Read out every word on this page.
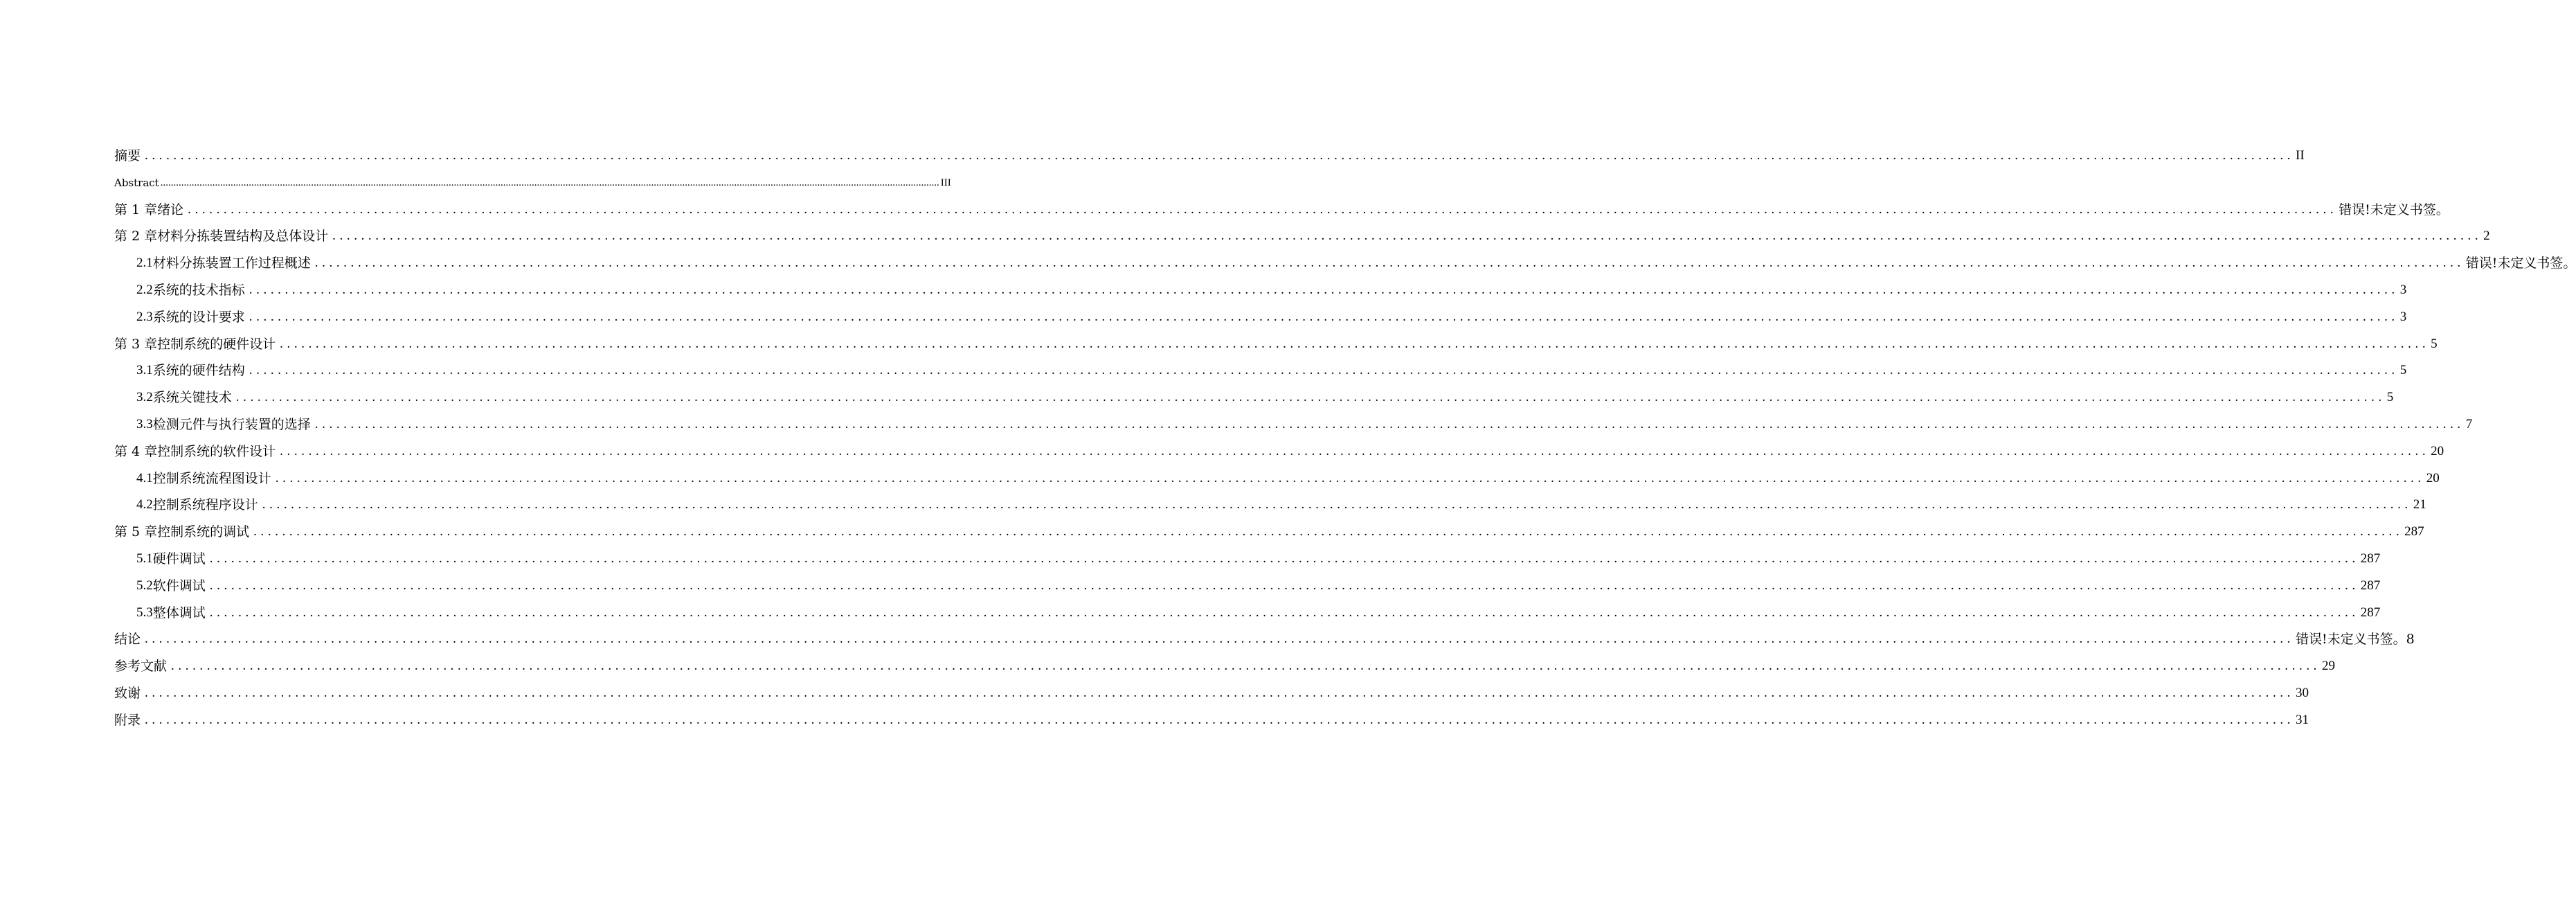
摘要 ............................................................................................................................................................................................................................................................................................................ II
Abstract ............................................................................................................................................................................................................................................................................................................ III
第 1 章绪论 ............................................................................................................................................................................................................................................................................................................ 错误!未定义书签。
第 2 章材料分拣装置结构及总体设计 ............................................................................................................................................................................................................................................................................................................ 2
2.1 材料分拣装置工作过程概述 ............................................................................................................................................................................................................................................................................................................ 错误!未定义书签。
2.2 系统的技术指标 ............................................................................................................................................................................................................................................................................................................ 3
2.3 系统的设计要求 ............................................................................................................................................................................................................................................................................................................ 3
第 3 章控制系统的硬件设计 ............................................................................................................................................................................................................................................................................................................ 5
3.1 系统的硬件结构 ............................................................................................................................................................................................................................................................................................................ 5
3.2 系统关键技术 ............................................................................................................................................................................................................................................................................................................ 5
3.3 检测元件与执行装置的选择 ............................................................................................................................................................................................................................................................................................................ 7
第 4 章控制系统的软件设计 ............................................................................................................................................................................................................................................................................................................ 20
4.1 控制系统流程图设计 ............................................................................................................................................................................................................................................................................................................ 20
4.2 控制系统程序设计 ............................................................................................................................................................................................................................................................................................................ 21
第 5 章控制系统的调试 ............................................................................................................................................................................................................................................................................................................ 287
5.1 硬件调试 ............................................................................................................................................................................................................................................................................................................ 287
5.2 软件调试 ............................................................................................................................................................................................................................................................................................................ 287
5.3 整体调试 ............................................................................................................................................................................................................................................................................................................ 287
结论 ............................................................................................................................................................................................................................................................................................................ 错误!未定义书签。8
参考文献 ............................................................................................................................................................................................................................................................................................................ 29
致谢 ............................................................................................................................................................................................................................................................................................................ 30
附录 ............................................................................................................................................................................................................................................................................................................ 31
